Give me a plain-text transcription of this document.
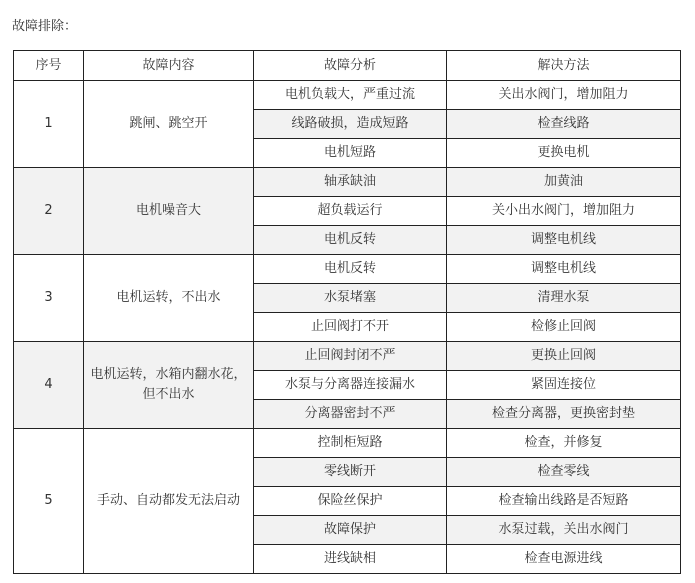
故障排除：
序号	故障内容	故障分析	解决方法
1	跳闸、跳空开	电机负载大，严重过流	关出水阀门，增加阻力
		线路破损，造成短路	检查线路
		电机短路	更换电机
2	电机噪音大	轴承缺油	加黄油
		超负载运行	关小出水阀门，增加阻力
		电机反转	调整电机线
3	电机运转，不出水	电机反转	调整电机线
		水泵堵塞	清理水泵
		止回阀打不开	检修止回阀
4	电机运转，水箱内翻水花，但不出水	止回阀封闭不严	更换止回阀
		水泵与分离器连接漏水	紧固连接位
		分离器密封不严	检查分离器，更换密封垫
5	手动、自动都发无法启动	控制柜短路	检查，并修复
		零线断开	检查零线
		保险丝保护	检查输出线路是否短路
		故障保护	水泵过载，关出水阀门
		进线缺相	检查电源进线
